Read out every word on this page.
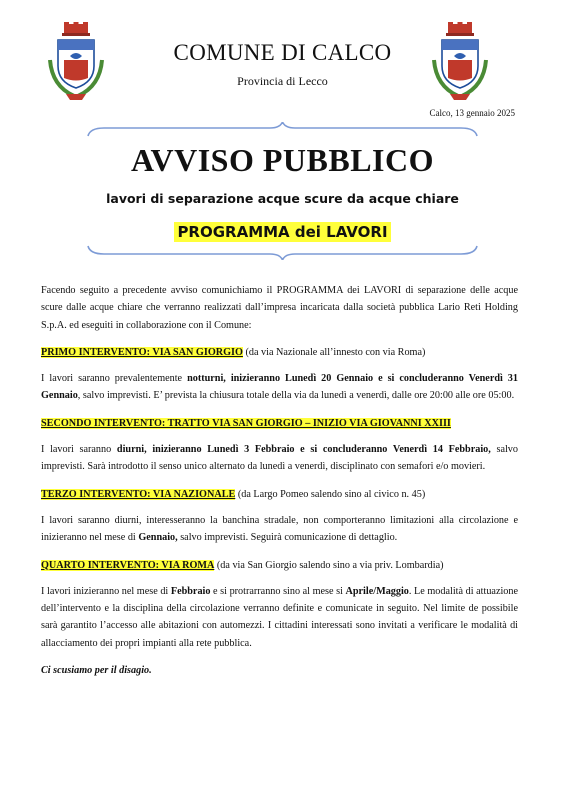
COMUNE DI CALCO
Provincia di Lecco
Calco, 13 gennaio 2025
AVVISO PUBBLICO
lavori di separazione acque scure da acque chiare
PROGRAMMA dei LAVORI

Facendo seguito a precedente avviso comunichiamo il PROGRAMMA dei LAVORI di separazione delle acque scure dalle acque chiare che verranno realizzati dall’impresa incaricata dalla società pubblica Lario Reti Holding S.p.A. ed eseguiti in collaborazione con il Comune:

PRIMO INTERVENTO: VIA SAN GIORGIO (da via Nazionale all’innesto con via Roma)

I lavori saranno prevalentemente notturni, inizieranno Lunedì 20 Gennaio e si concluderanno Venerdì 31 Gennaio, salvo imprevisti. E’ prevista la chiusura totale della via da lunedì a venerdì, dalle ore 20:00 alle ore 05:00.

SECONDO INTERVENTO: TRATTO VIA SAN GIORGIO – INIZIO VIA GIOVANNI XXIII

I lavori saranno diurni, inizieranno Lunedì 3 Febbraio e si concluderanno Venerdì 14 Febbraio, salvo imprevisti. Sarà introdotto il senso unico alternato da lunedì a venerdì, disciplinato con semafori e/o movieri.

TERZO INTERVENTO: VIA NAZIONALE (da Largo Pomeo salendo sino al civico n. 45)

I lavori saranno diurni, interesseranno la banchina stradale, non comporteranno limitazioni alla circolazione e inizieranno nel mese di Gennaio, salvo imprevisti. Seguirà comunicazione di dettaglio.

QUARTO INTERVENTO: VIA ROMA (da via San Giorgio salendo sino a via priv. Lombardia)

I lavori inizieranno nel mese di Febbraio e si protrarranno sino al mese si Aprile/Maggio. Le modalità di attuazione dell’intervento e la disciplina della circolazione verranno definite e comunicate in seguito. Nel limite de possibile sarà garantito l’accesso alle abitazioni con automezzi. I cittadini interessati sono invitati a verificare le modalità di allacciamento dei propri impianti alla rete pubblica.

Ci scusiamo per il disagio.
